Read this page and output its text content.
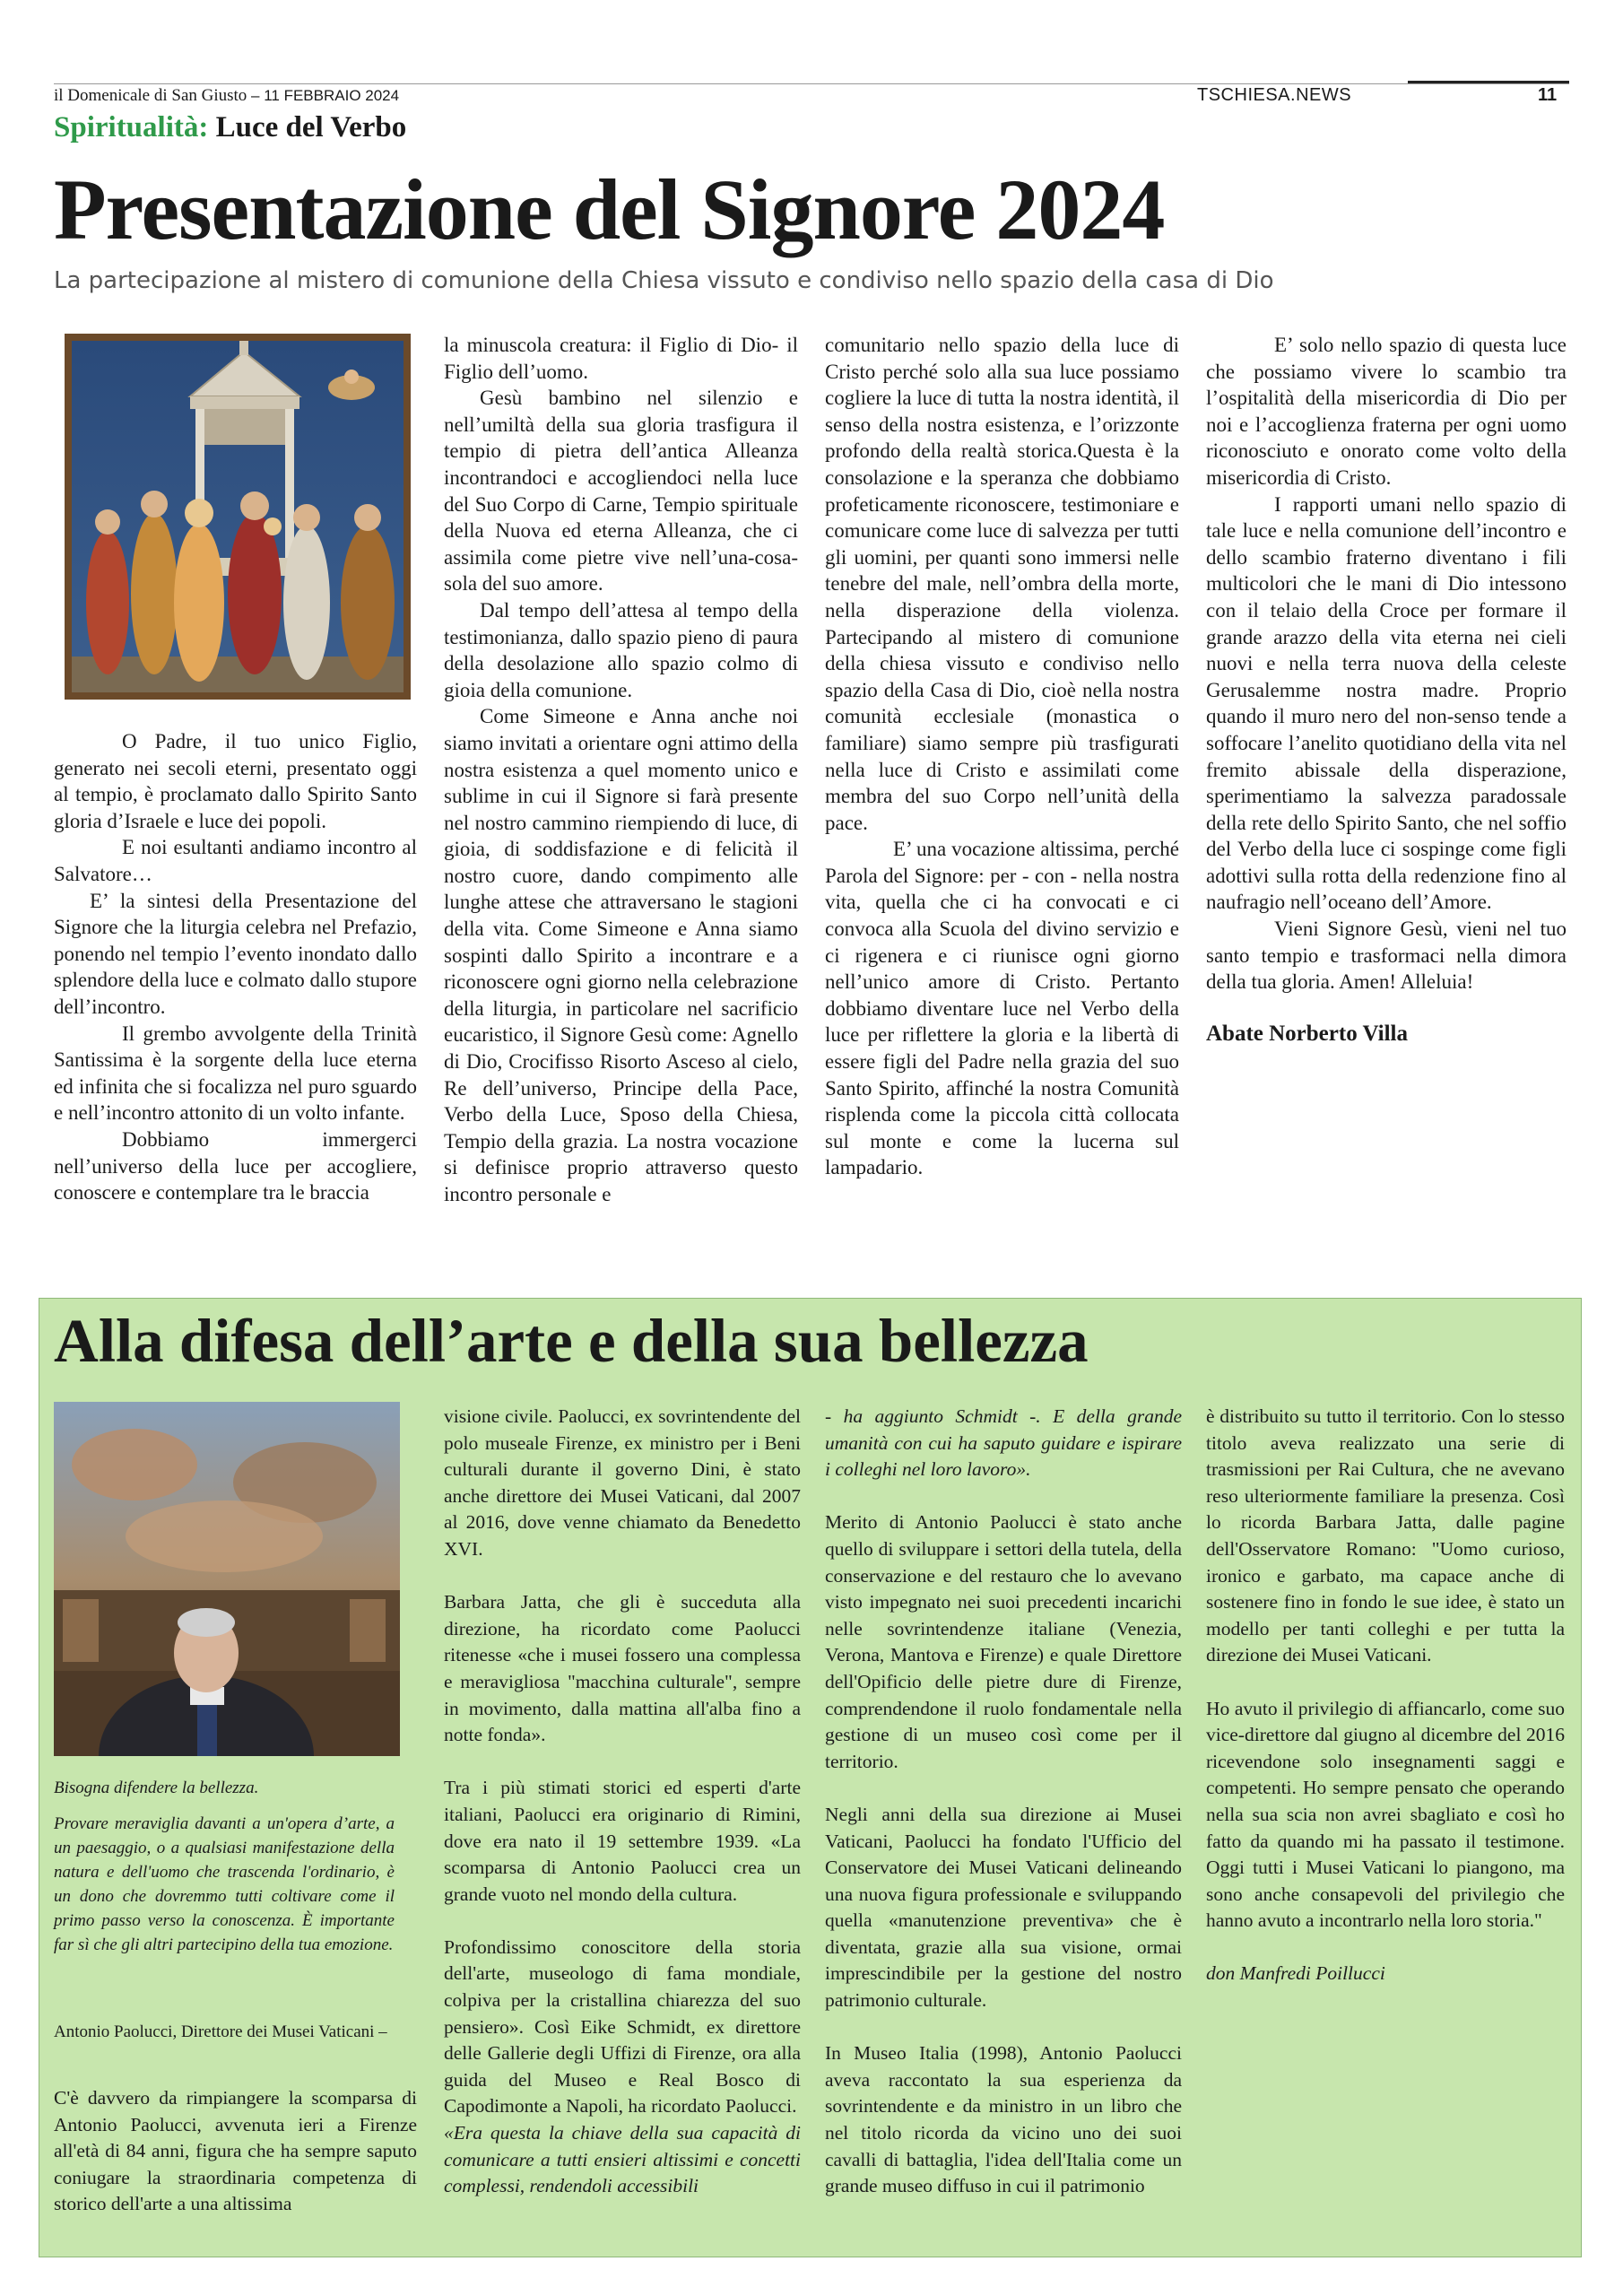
il Domenicale di San Giusto – 11 FEBBRAIO 2024	TSCHIESA.NEWS	11
Spiritualità: Luce del Verbo
Presentazione del Signore 2024
La partecipazione al mistero di comunione della Chiesa vissuto e condiviso nello spazio della casa di Dio

O Padre, il tuo unico Figlio, generato nei secoli eterni, presentato oggi al tempio, è proclamato dallo Spirito Santo gloria d’Israele e luce dei popoli.

E noi esultanti andiamo incontro al Salvatore…

E’ la sintesi della Presentazione del Signore che la liturgia celebra nel Prefazio, ponendo nel tempio l’evento inondato dallo splendore della luce e colmato dallo stupore dell’incontro.

Il grembo avvolgente della Trinità Santissima è la sorgente della luce eterna ed infinita che si focalizza nel puro sguardo e nell’incontro attonito di un volto infante.

Dobbiamo immergerci nell’universo della luce per accogliere, conoscere e contemplare tra le braccia

la minuscola creatura: il Figlio di Dio- il Figlio dell’uomo.

Gesù bambino nel silenzio e nell’umiltà della sua gloria trasfigura il tempio di pietra dell’antica Alleanza incontrandoci e accogliendoci nella luce del Suo Corpo di Carne, Tempio spirituale della Nuova ed eterna Alleanza, che ci assimila come pietre vive nell’una-cosa-sola del suo amore.

Dal tempo dell’attesa al tempo della testimonianza, dallo spazio pieno di paura della desolazione allo spazio colmo di gioia della comunione.

Come Simeone e Anna anche noi siamo invitati a orientare ogni attimo della nostra esistenza a quel momento unico e sublime in cui il Signore si farà presente nel nostro cammino riempiendo di luce, di gioia, di soddisfazione e di felicità il nostro cuore, dando compimento alle lunghe attese che attraversano le stagioni della vita. Come Simeone e Anna siamo sospinti dallo Spirito a incontrare e a riconoscere ogni giorno nella celebrazione della liturgia, in particolare nel sacrificio eucaristico, il Signore Gesù come: Agnello di Dio, Crocifisso Risorto Asceso al cielo, Re dell’universo, Principe della Pace, Verbo della Luce, Sposo della Chiesa, Tempio della grazia. La nostra vocazione si definisce proprio attraverso questo incontro personale e

comunitario nello spazio della luce di Cristo perché solo alla sua luce possiamo cogliere la luce di tutta la nostra identità, il senso della nostra esistenza, e l’orizzonte profondo della realtà storica.Questa è la consolazione e la speranza che dobbiamo profeticamente riconoscere, testimoniare e comunicare come luce di salvezza per tutti gli uomini, per quanti sono immersi nelle tenebre del male, nell’ombra della morte, nella disperazione della violenza. Partecipando al mistero di comunione della chiesa vissuto e condiviso nello spazio della Casa di Dio, cioè nella nostra comunità ecclesiale (monastica o familiare) siamo sempre più trasfigurati nella luce di Cristo e assimilati come membra del suo Corpo nell’unità della pace.

E’ una vocazione altissima, perché Parola del Signore: per - con - nella nostra vita, quella che ci ha convocati e ci convoca alla Scuola del divino servizio e ci rigenera e ci riunisce ogni giorno nell’unico amore di Cristo. Pertanto dobbiamo diventare luce nel Verbo della luce per riflettere la gloria e la libertà di essere figli del Padre nella grazia del suo Santo Spirito, affinché la nostra Comunità risplenda come la piccola città collocata sul monte e come la lucerna sul lampadario.

E’ solo nello spazio di questa luce che possiamo vivere lo scambio tra l’ospitalità della misericordia di Dio per noi e l’accoglienza fraterna per ogni uomo riconosciuto e onorato come volto della misericordia di Cristo.

I rapporti umani nello spazio di tale luce e nella comunione dell’incontro e dello scambio fraterno diventano i fili multicolori che le mani di Dio intessono con il telaio della Croce per formare il grande arazzo della vita eterna nei cieli nuovi e nella terra nuova della celeste Gerusalemme nostra madre. Proprio quando il muro nero del non-senso tende a soffocare l’anelito quotidiano della vita nel fremito abissale della disperazione, sperimentiamo la salvezza paradossale della rete dello Spirito Santo, che nel soffio del Verbo della luce ci sospinge come figli adottivi sulla rotta della redenzione fino al naufragio nell’oceano dell’Amore.

Vieni Signore Gesù, vieni nel tuo santo tempio e trasformaci nella dimora della tua gloria. Amen! Alleluia!

Abate Norberto Villa
Alla difesa dell’arte e della sua bellezza
Bisogna difendere la bellezza.
Provare meraviglia davanti a un'opera d’arte, a un paesaggio, o a qualsiasi manifestazione della natura e dell'uomo che trascenda l'ordinario, è un dono che dovremmo tutti coltivare come il primo passo verso la conoscenza. È importante far sì che gli altri partecipino della tua emozione.
Antonio Paolucci, Direttore dei Musei Vaticani –

C'è davvero da rimpiangere la scomparsa di Antonio Paolucci, avvenuta ieri a Firenze all'età di 84 anni, figura che ha sempre saputo coniugare la straordinaria competenza di storico dell'arte a una altissima

visione civile. Paolucci, ex sovrintendente del polo museale Firenze, ex ministro per i Beni culturali durante il governo Dini, è stato anche direttore dei Musei Vaticani, dal 2007 al 2016, dove venne chiamato da Benedetto XVI.

Barbara Jatta, che gli è succeduta alla direzione, ha ricordato come Paolucci ritenesse «che i musei fossero una complessa e meravigliosa "macchina culturale", sempre in movimento, dalla mattina all'alba fino a notte fonda».

Tra i più stimati storici ed esperti d'arte italiani, Paolucci era originario di Rimini, dove era nato il 19 settembre 1939. «La scomparsa di Antonio Paolucci crea un grande vuoto nel mondo della cultura.

Profondissimo conoscitore della storia dell'arte, museologo di fama mondiale, colpiva per la cristallina chiarezza del suo pensiero». Così Eike Schmidt, ex direttore delle Gallerie degli Uffizi di Firenze, ora alla guida del Museo e Real Bosco di Capodimonte a Napoli, ha ricordato Paolucci.

«Era questa la chiave della sua capacità di comunicare a tutti ensieri altissimi e concetti complessi, rendendoli accessibili

- ha aggiunto Schmidt -. E della grande umanità con cui ha saputo guidare e ispirare i colleghi nel loro lavoro».

Merito di Antonio Paolucci è stato anche quello di sviluppare i settori della tutela, della conservazione e del restauro che lo avevano visto impegnato nei suoi precedenti incarichi nelle sovrintendenze italiane (Venezia, Verona, Mantova e Firenze) e quale Direttore dell'Opificio delle pietre dure di Firenze, comprendendone il ruolo fondamentale nella gestione di un museo così come per il territorio.

Negli anni della sua direzione ai Musei Vaticani, Paolucci ha fondato l'Ufficio del Conservatore dei Musei Vaticani delineando una nuova figura professionale e sviluppando quella «manutenzione preventiva» che è diventata, grazie alla sua visione, ormai imprescindibile per la gestione del nostro patrimonio culturale.

In Museo Italia (1998), Antonio Paolucci aveva raccontato la sua esperienza da sovrintendente e da ministro in un libro che nel titolo ricorda da vicino uno dei suoi cavalli di battaglia, l'idea dell'Italia come un grande museo diffuso in cui il patrimonio

è distribuito su tutto il territorio. Con lo stesso titolo aveva realizzato una serie di trasmissioni per Rai Cultura, che ne avevano reso ulteriormente familiare la presenza. Così lo ricorda Barbara Jatta, dalle pagine dell'Osservatore Romano: "Uomo curioso, ironico e garbato, ma capace anche di sostenere fino in fondo le sue idee, è stato un modello per tanti colleghi e per tutta la direzione dei Musei Vaticani.

Ho avuto il privilegio di affiancarlo, come suo vice-direttore dal giugno al dicembre del 2016 ricevendone solo insegnamenti saggi e competenti. Ho sempre pensato che operando nella sua scia non avrei sbagliato e così ho fatto da quando mi ha passato il testimone. Oggi tutti i Musei Vaticani lo piangono, ma sono anche consapevoli del privilegio che hanno avuto a incontrarlo nella loro storia."

don Manfredi Poillucci
